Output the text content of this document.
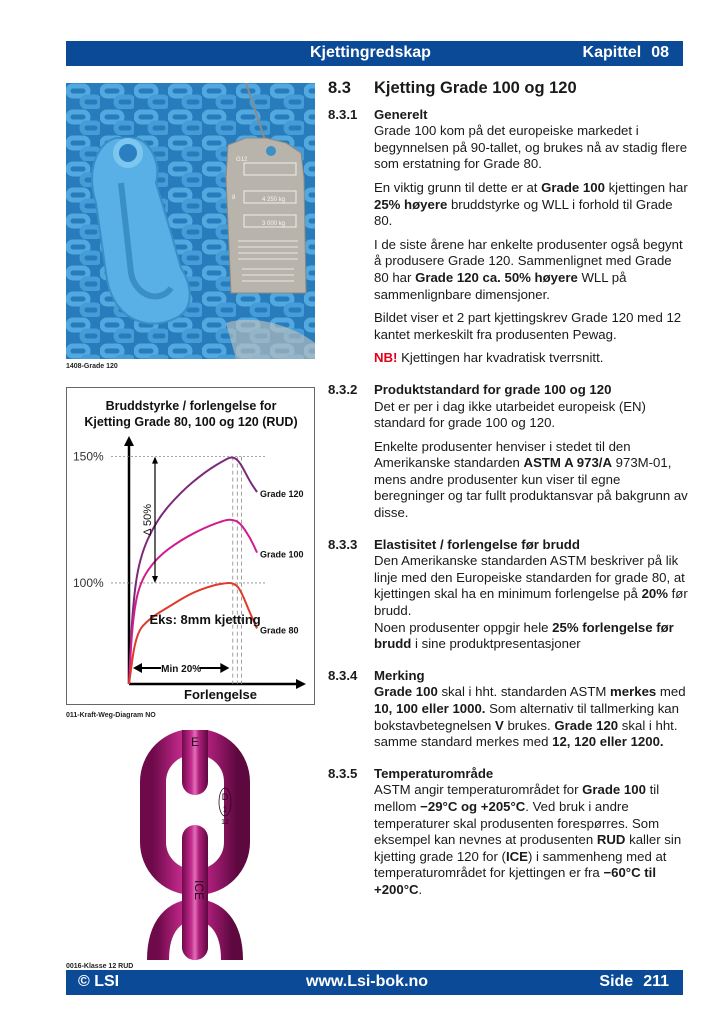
Kjettingredskap	Kapittel 08
G12
8	4 250 kg
3 000 kg
1408-Grade 120
Bruddstyrke / forlengelse for
Kjetting Grade 80, 100 og 120 (RUD)
100%
150%
Grade 120
Grade 100
Grade 80
Δ 50%
Eks: 8mm kjetting
Min 20%
Forlengelse
011-Kraft-Weg-Diagram NO
E
D
1
12
ICE
0016-Klasse 12 RUD
8.3	Kjetting Grade 100 og 120
8.3.1	Generelt

Grade 100 kom på det europeiske markedet i begynnelsen på 90-tallet, og brukes nå av stadig flere som erstatning for Grade 80.

En viktig grunn til dette er at Grade 100 kjettingen har 25% høyere bruddstyrke og WLL i forhold til Grade 80.

I de siste årene har enkelte produsenter også begynt å produsere Grade 120. Sammenlignet med Grade 80 har Grade 120 ca. 50% høyere WLL på sammenlignbare dimensjoner.

Bildet viser et 2 part kjettingskrev Grade 120 med 12 kantet merkeskilt fra produsenten Pewag.

NB! Kjettingen har kvadratisk tverrsnitt.

8.3.2	Produktstandard for grade 100 og 120

Det er per i dag ikke utarbeidet europeisk (EN) standard for grade 100 og 120.

Enkelte produsenter henviser i stedet til den Amerikanske standarden ASTM A 973/A 973M-01, mens andre produsenter kun viser til egne beregninger og tar fullt produktansvar på bakgrunn av disse.

8.3.3	Elastisitet / forlengelse før brudd

Den Amerikanske standarden ASTM beskriver på lik linje med den Europeiske standarden for grade 80, at kjettingen skal ha en minimum forlengelse på 20% før brudd.

Noen produsenter oppgir hele 25% forlengelse før brudd i sine produktpresentasjoner

8.3.4	Merking

Grade 100 skal i hht. standarden ASTM merkes med 10, 100 eller 1000. Som alternativ til tallmerking kan bokstavbetegnelsen V brukes. Grade 120 skal i hht. samme standard merkes med 12, 120 eller 1200.

8.3.5	Temperaturområde

ASTM angir temperaturområdet for Grade 100 til mellom −29°C og +205°C. Ved bruk i andre temperaturer skal produsenten forespørres. Som eksempel kan nevnes at produsenten RUD kaller sin kjetting grade 120 for (ICE) i sammenheng med at temperaturområdet for kjettingen er fra −60°C til +200°C.

© LSI	www.Lsi-bok.no	Side 211
